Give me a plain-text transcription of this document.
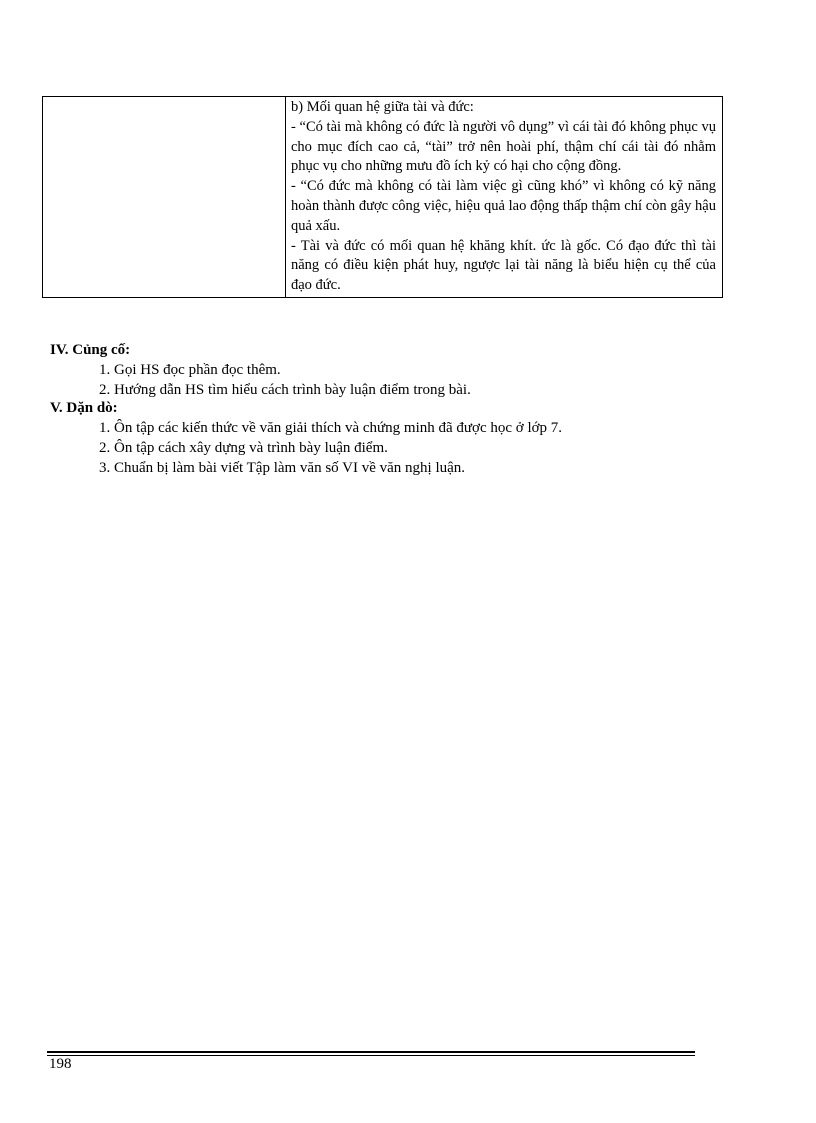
b) Mối quan hệ giữa tài và đức:

- “Có tài mà không có đức là người vô dụng” vì cái tài đó không phục vụ cho mục đích cao cả, “tài” trở nên hoài phí, thậm chí cái tài đó nhằm phục vụ cho những mưu đồ ích kỷ có hại cho cộng đồng.

- “Có đức mà không có tài làm việc gì cũng khó” vì không có kỹ năng hoàn thành được công việc, hiệu quả lao động thấp thậm chí còn gây hậu quả xấu.

- Tài và đức có mối quan hệ khăng khít. ức là gốc. Có đạo đức thì tài năng có điều kiện phát huy, ngược lại tài năng là biểu hiện cụ thể của đạo đức.

IV. Củng cố:

1. Gọi HS đọc phần đọc thêm.
2. Hướng dẫn HS tìm hiểu cách trình bày luận điểm trong bài.

V. Dặn dò:

1. Ôn tập các kiến thức về văn giải thích và chứng minh đã được học ở lớp 7.
2. Ôn tập cách xây dựng và trình bày luận điểm.
3. Chuẩn bị làm bài viết Tập làm văn số VI về văn nghị luận.
198
